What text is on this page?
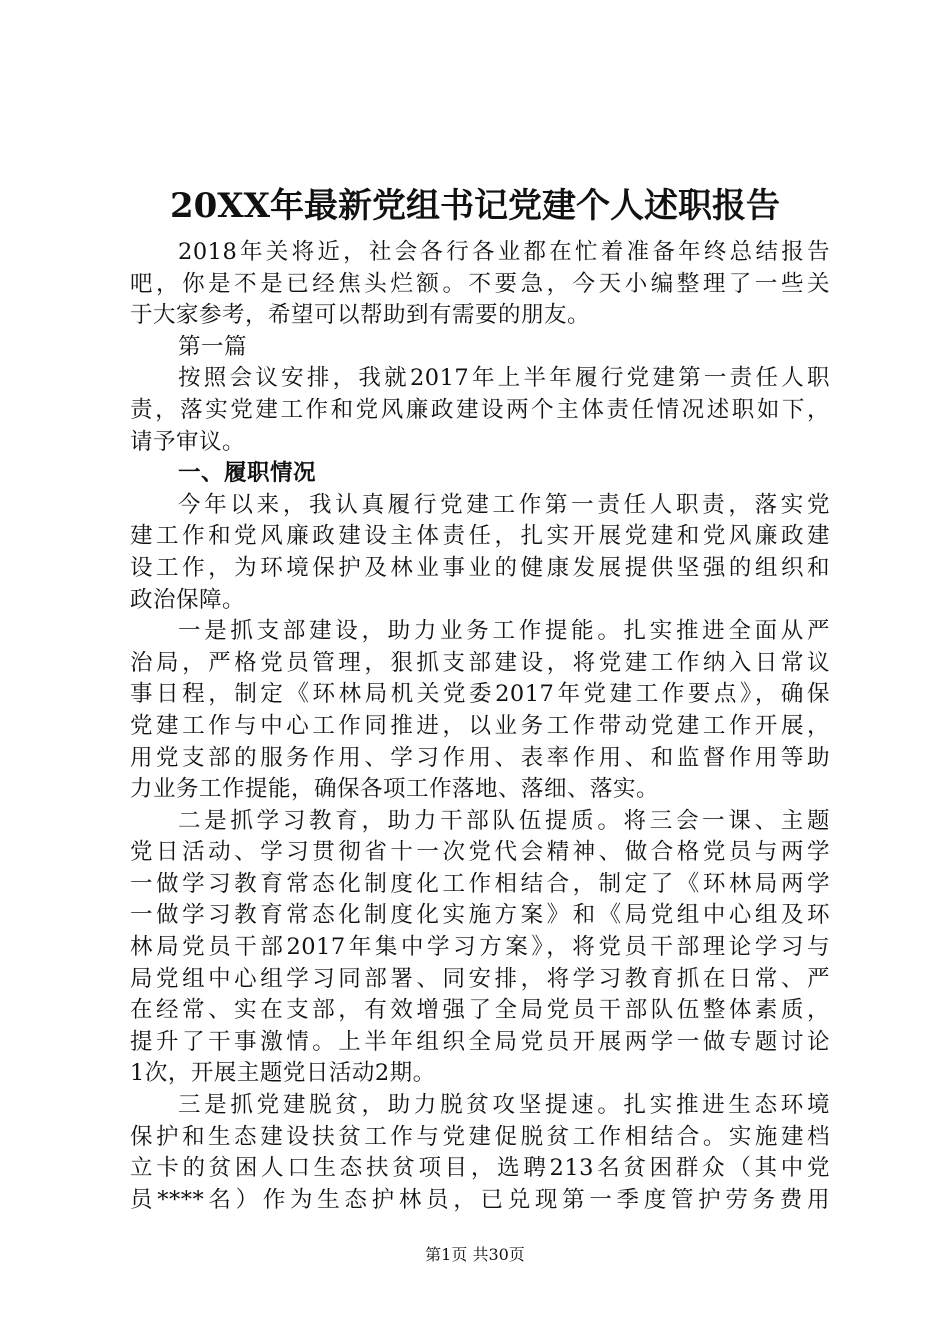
20XX年最新党组书记党建个人述职报告
2018年关将近，社会各行各业都在忙着准备年终总结报告
吧，你是不是已经焦头烂额。不要急，今天小编整理了一些关
于大家参考，希望可以帮助到有需要的朋友。
第一篇
按照会议安排，我就2017年上半年履行党建第一责任人职
责，落实党建工作和党风廉政建设两个主体责任情况述职如下，
请予审议。
一、履职情况
今年以来，我认真履行党建工作第一责任人职责，落实党
建工作和党风廉政建设主体责任，扎实开展党建和党风廉政建
设工作，为环境保护及林业事业的健康发展提供坚强的组织和
政治保障。
一是抓支部建设，助力业务工作提能。扎实推进全面从严
治局，严格党员管理，狠抓支部建设，将党建工作纳入日常议
事日程，制定《环林局机关党委2017年党建工作要点》，确保
党建工作与中心工作同推进，以业务工作带动党建工作开展，
用党支部的服务作用、学习作用、表率作用、和监督作用等助
力业务工作提能，确保各项工作落地、落细、落实。
二是抓学习教育，助力干部队伍提质。将三会一课、主题
党日活动、学习贯彻省十一次党代会精神、做合格党员与两学
一做学习教育常态化制度化工作相结合，制定了《环林局两学
一做学习教育常态化制度化实施方案》和《局党组中心组及环
林局党员干部2017年集中学习方案》，将党员干部理论学习与
局党组中心组学习同部署、同安排，将学习教育抓在日常、严
在经常、实在支部，有效增强了全局党员干部队伍整体素质，
提升了干事激情。上半年组织全局党员开展两学一做专题讨论
1次，开展主题党日活动2期。
三是抓党建脱贫，助力脱贫攻坚提速。扎实推进生态环境
保护和生态建设扶贫工作与党建促脱贫工作相结合。实施建档
立卡的贫困人口生态扶贫项目，选聘213名贫困群众（其中党
员****名）作为生态护林员，已兑现第一季度管护劳务费用
第1页 共30页
